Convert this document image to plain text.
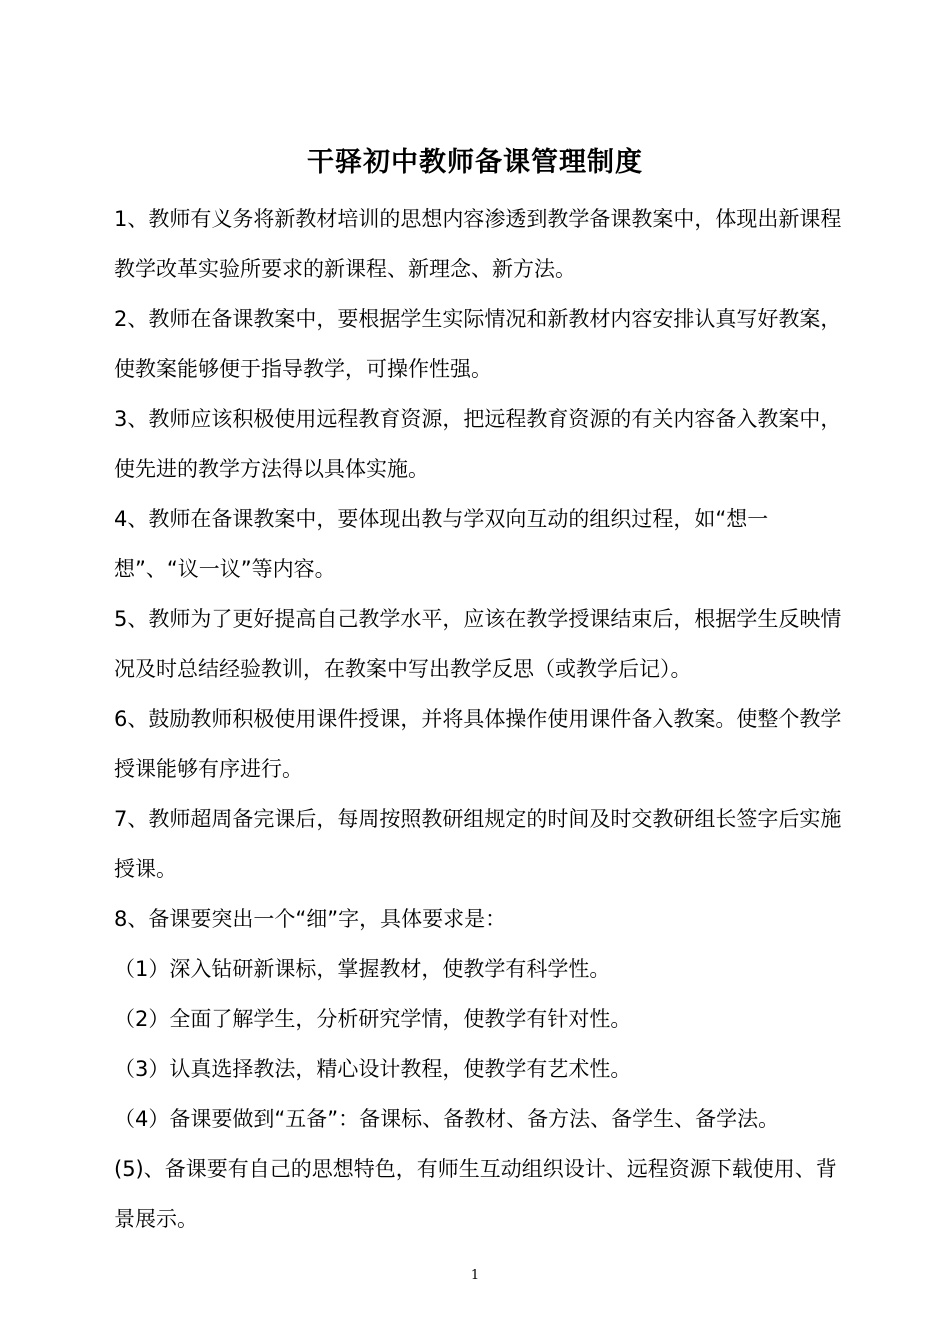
干驿初中教师备课管理制度

1、教师有义务将新教材培训的思想内容渗透到教学备课教案中，体现出新课程教学改革实验所要求的新课程、新理念、新方法。

2、教师在备课教案中，要根据学生实际情况和新教材内容安排认真写好教案，使教案能够便于指导教学，可操作性强。

3、教师应该积极使用远程教育资源，把远程教育资源的有关内容备入教案中，使先进的教学方法得以具体实施。

4、教师在备课教案中，要体现出教与学双向互动的组织过程，如“想一想”、“议一议”等内容。

5、教师为了更好提高自己教学水平，应该在教学授课结束后，根据学生反映情况及时总结经验教训，在教案中写出教学反思（或教学后记）。

6、鼓励教师积极使用课件授课，并将具体操作使用课件备入教案。使整个教学授课能够有序进行。

7、教师超周备完课后，每周按照教研组规定的时间及时交教研组长签字后实施授课。

8、备课要突出一个“细”字，具体要求是：

（1）深入钻研新课标，掌握教材，使教学有科学性。

（2）全面了解学生，分析研究学情，使教学有针对性。

（3）认真选择教法，精心设计教程，使教学有艺术性。

（4）备课要做到“五备”：备课标、备教材、备方法、备学生、备学法。

(5)、备课要有自己的思想特色，有师生互动组织设计、远程资源下载使用、背景展示。

1
